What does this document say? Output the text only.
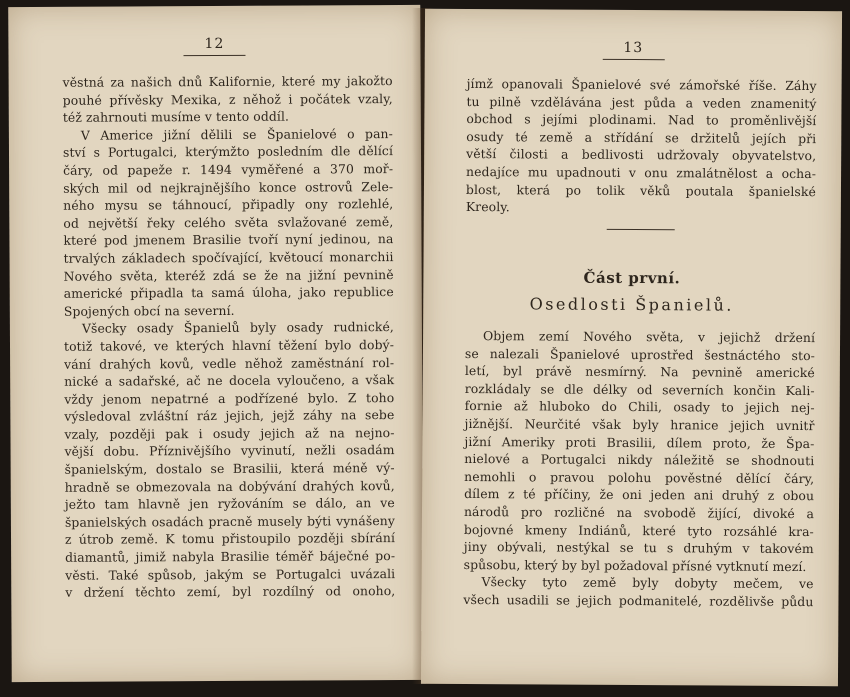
12
věstná za našich dnů Kalifornie, které my jakožto
pouhé přívěsky Mexika, z něhož i počátek vzaly,
též zahrnouti musíme v tento oddíl.
V Americe jižní dělili se Španielové o pan-
ství s Portugalci, kterýmžto posledním dle dělící
čáry, od papeže r. 1494 vyměřené a 370 moř-
ských mil od nejkrajnějšího konce ostrovů Zele-
ného mysu se táhnoucí, připadly ony rozlehlé,
od největší řeky celého světa svlažované země,
které pod jmenem Brasilie tvoří nyní jedinou, na
trvalých základech spočívající, květoucí monarchii
Nového světa, kteréž zdá se že na jižní pevnině
americké připadla ta samá úloha, jako republice
Spojených obcí na severní.
Všecky osady Španielů byly osady rudnické,
totiž takové, ve kterých hlavní těžení bylo dobý-
vání drahých kovů, vedle něhož zaměstnání rol-
nické a sadařské, ač ne docela vyloučeno, a však
vždy jenom nepatrné a podřízené bylo. Z toho
výsledoval zvláštní ráz jejich, jejž záhy na sebe
vzaly, později pak i osudy jejich až na nejno-
vější dobu. Příznivějšího vyvinutí, nežli osadám
španielským, dostalo se Brasilii, která méně vý-
hradně se obmezovala na dobývání drahých kovů,
ježto tam hlavně jen ryžováním se dálo, an ve
španielských osadách pracně musely býti vynášeny
z útrob země. K tomu přistoupilo později sbírání
diamantů, jimiž nabyla Brasilie téměř báječné po-
věsti. Také spůsob, jakým se Portugalci uvázali
v držení těchto zemí, byl rozdílný od onoho,
13
jímž opanovali Španielové své zámořské říše. Záhy
tu pilně vzdělávána jest půda a veden znamenitý
obchod s jejími plodinami. Nad to proměnlivější
osudy té země a střídání se držitelů jejích při
větší čilosti a bedlivosti udržovaly obyvatelstvo,
nedajíce mu upadnouti v onu zmalátnělost a ocha-
blost, která po tolik věků poutala španielské
Kreoly.
Část první.
Osedlosti Španielů.
Objem zemí Nového světa, v jejichž držení
se nalezali Španielové uprostřed šestnáctého sto-
letí, byl právě nesmírný. Na pevnině americké
rozkládaly se dle délky od severních končin Kali-
fornie až hluboko do Chili, osady to jejich nej-
jižnější. Neurčité však byly hranice jejich uvnitř
jižní Ameriky proti Brasilii, dílem proto, že Špa-
nielové a Portugalci nikdy náležitě se shodnouti
nemohli o pravou polohu pověstné dělící čáry,
dílem z té příčiny, že oni jeden ani druhý z obou
národů pro rozličné na svobodě žijící, divoké a
bojovné kmeny Indiánů, které tyto rozsáhlé kra-
jiny obývali, nestýkal se tu s druhým v takovém
spůsobu, který by byl požadoval přísné vytknutí mezí.
Všecky tyto země byly dobyty mečem, ve
všech usadili se jejich podmanitelé, rozdělivše půdu
